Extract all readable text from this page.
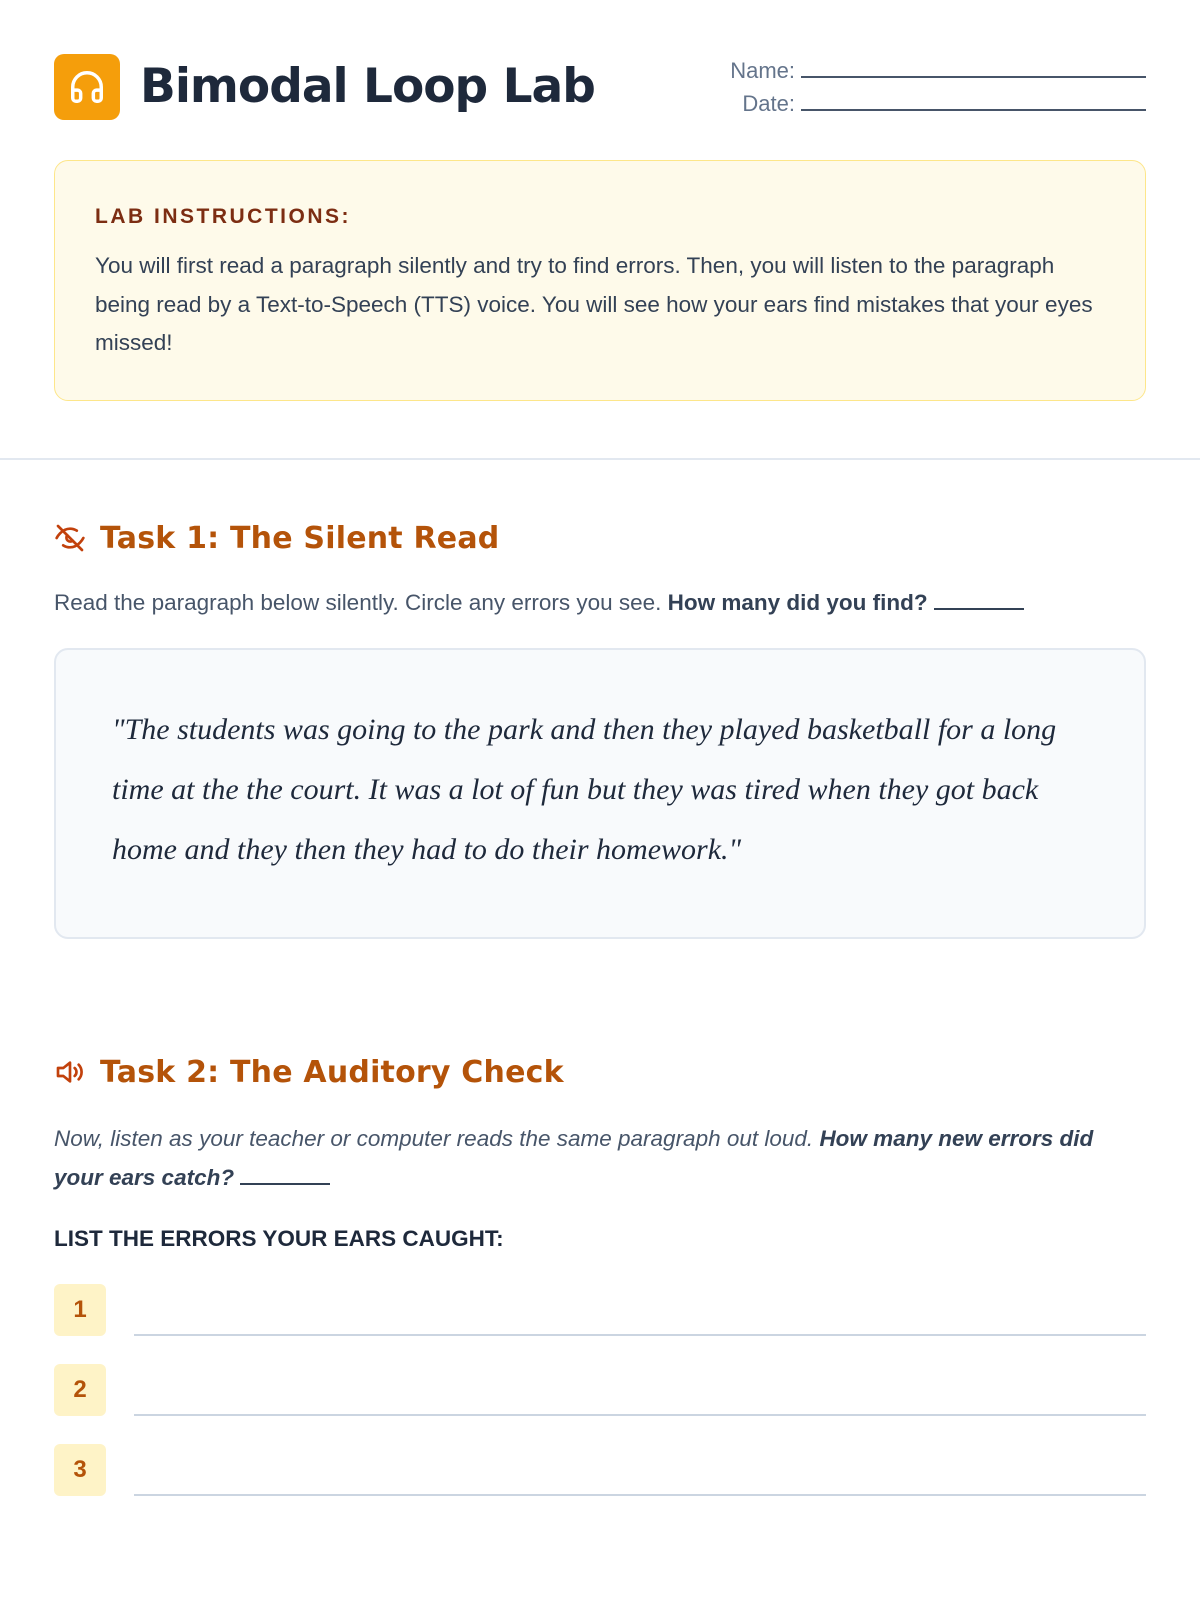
Bimodal Loop Lab	Name:
Date:
LAB INSTRUCTIONS:
You will first read a paragraph silently and try to find errors. Then, you will listen to the paragraph being read by a Text-to-Speech (TTS) voice. You will see how your ears find mistakes that your eyes missed!
Task 1: The Silent Read
Read the paragraph below silently. Circle any errors you see. How many did you find?
"The students was going to the park and then they played basketball for a long time at the the court. It was a lot of fun but they was tired when they got back home and they then they had to do their homework."
Task 2: The Auditory Check
Now, listen as your teacher or computer reads the same paragraph out loud. How many new errors did your ears catch?
LIST THE ERRORS YOUR EARS CAUGHT:
1
2
3
